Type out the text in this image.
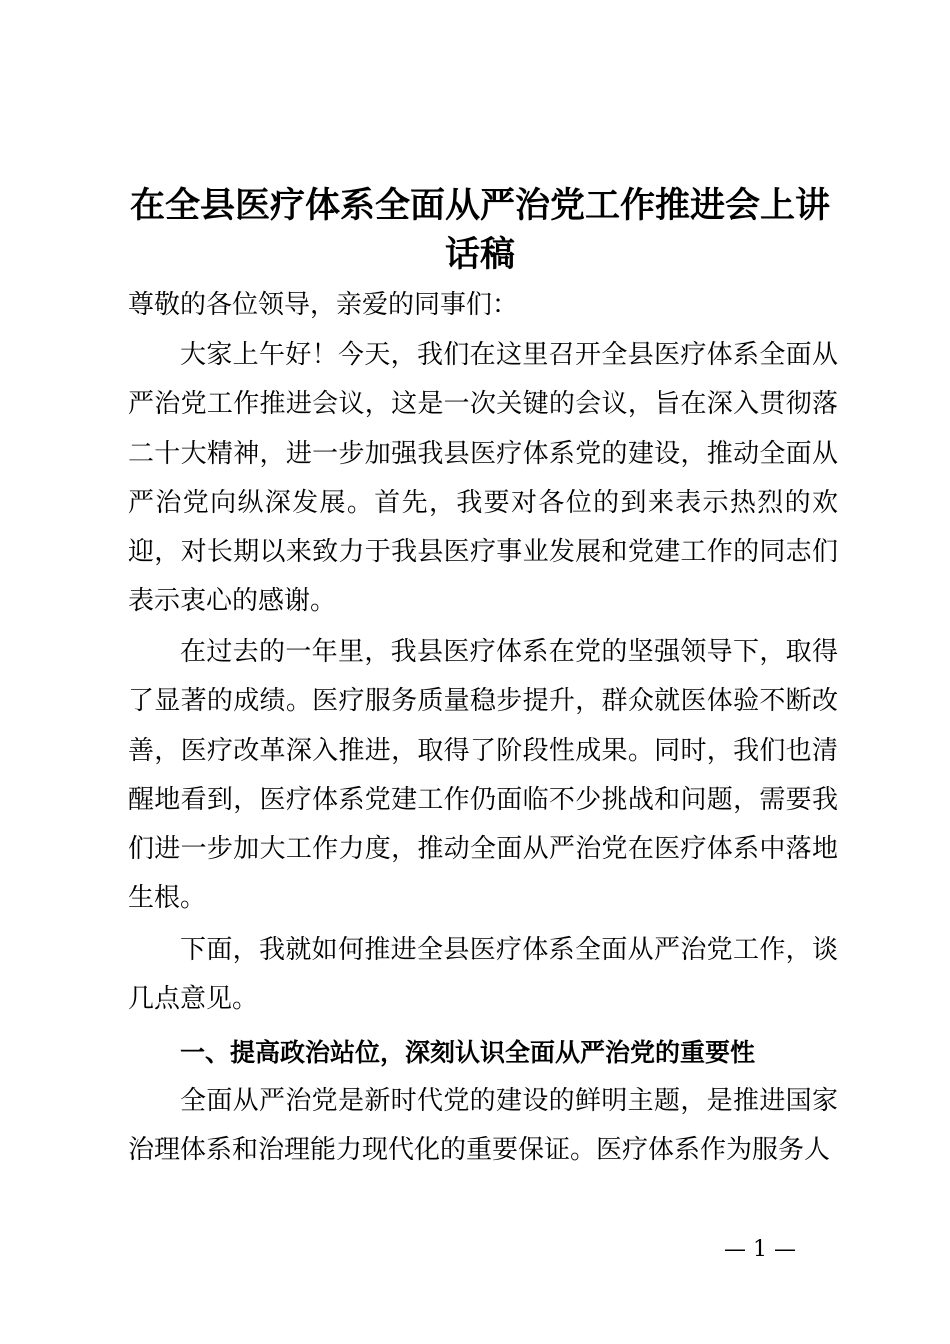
在全县医疗体系全面从严治党工作推进会上讲
话稿
尊敬的各位领导，亲爱的同事们：
大家上午好！今天，我们在这里召开全县医疗体系全面从严治党工作推进会议，这是一次关键的会议，旨在深入贯彻落二十大精神，进一步加强我县医疗体系党的建设，推动全面从严治党向纵深发展。首先，我要对各位的到来表示热烈的欢迎，对长期以来致力于我县医疗事业发展和党建工作的同志们表示衷心的感谢。
在过去的一年里，我县医疗体系在党的坚强领导下，取得了显著的成绩。医疗服务质量稳步提升，群众就医体验不断改善，医疗改革深入推进，取得了阶段性成果。同时，我们也清醒地看到，医疗体系党建工作仍面临不少挑战和问题，需要我们进一步加大工作力度，推动全面从严治党在医疗体系中落地生根。
下面，我就如何推进全县医疗体系全面从严治党工作，谈几点意见。
一、提高政治站位，深刻认识全面从严治党的重要性
全面从严治党是新时代党的建设的鲜明主题，是推进国家治理体系和治理能力现代化的重要保证。医疗体系作为服务人
— 1 —
